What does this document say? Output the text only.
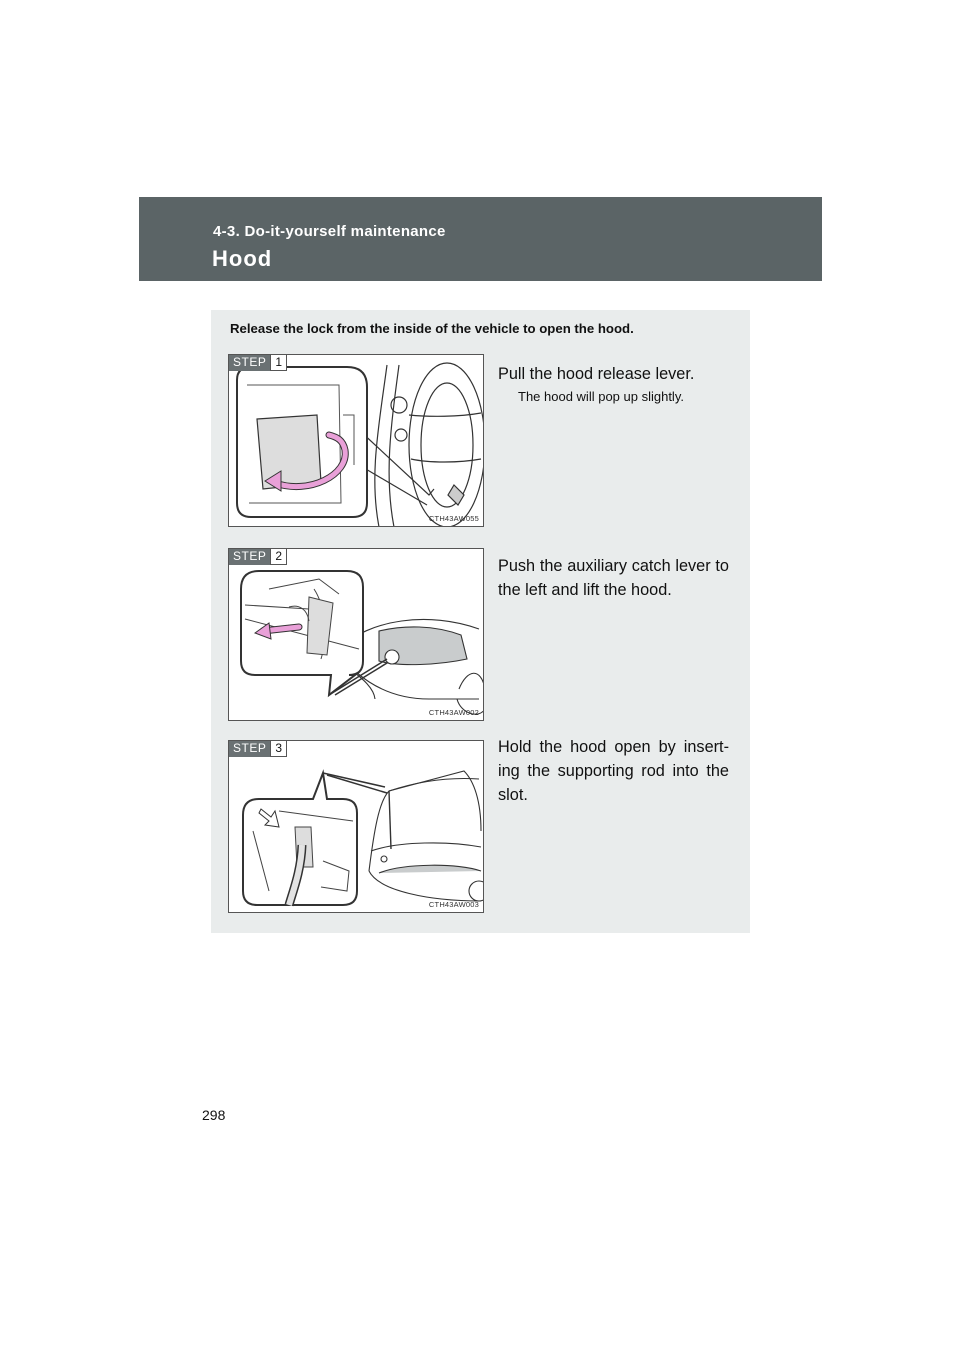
4-3. Do-it-yourself maintenance
Hood
Release the lock from the inside of the vehicle to open the hood.
STEP 1
CTH43AW055
Pull the hood release lever.
The hood will pop up slightly.
STEP 2
CTH43AW002
Push the auxiliary catch lever to the left and lift the hood.
STEP 3
CTH43AW003
Hold the hood open by insert-ing the supporting rod into the slot.
298
